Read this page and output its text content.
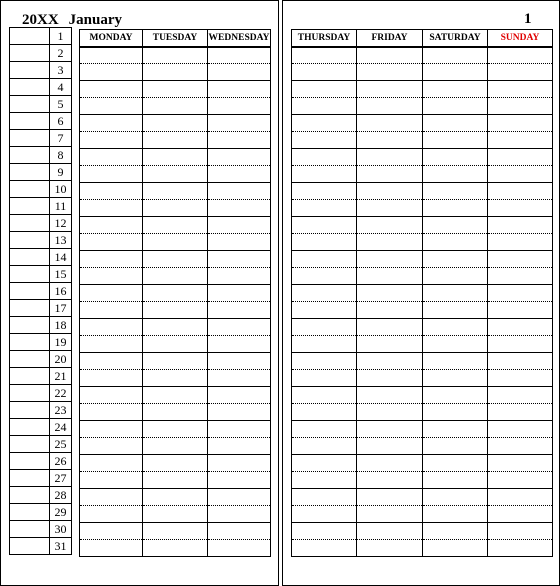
20XX January
	1
	2
	3
	4
	5
	6
	7
	8
	9
	10
	11
	12
	13
	14
	15
	16
	17
	18
	19
	20
	21
	22
	23
	24
	25
	26
	27
	28
	29
	30
	31
MONDAY	TUESDAY	WEDNESDAY

1
THURSDAY	FRIDAY	SATURDAY	SUNDAY
